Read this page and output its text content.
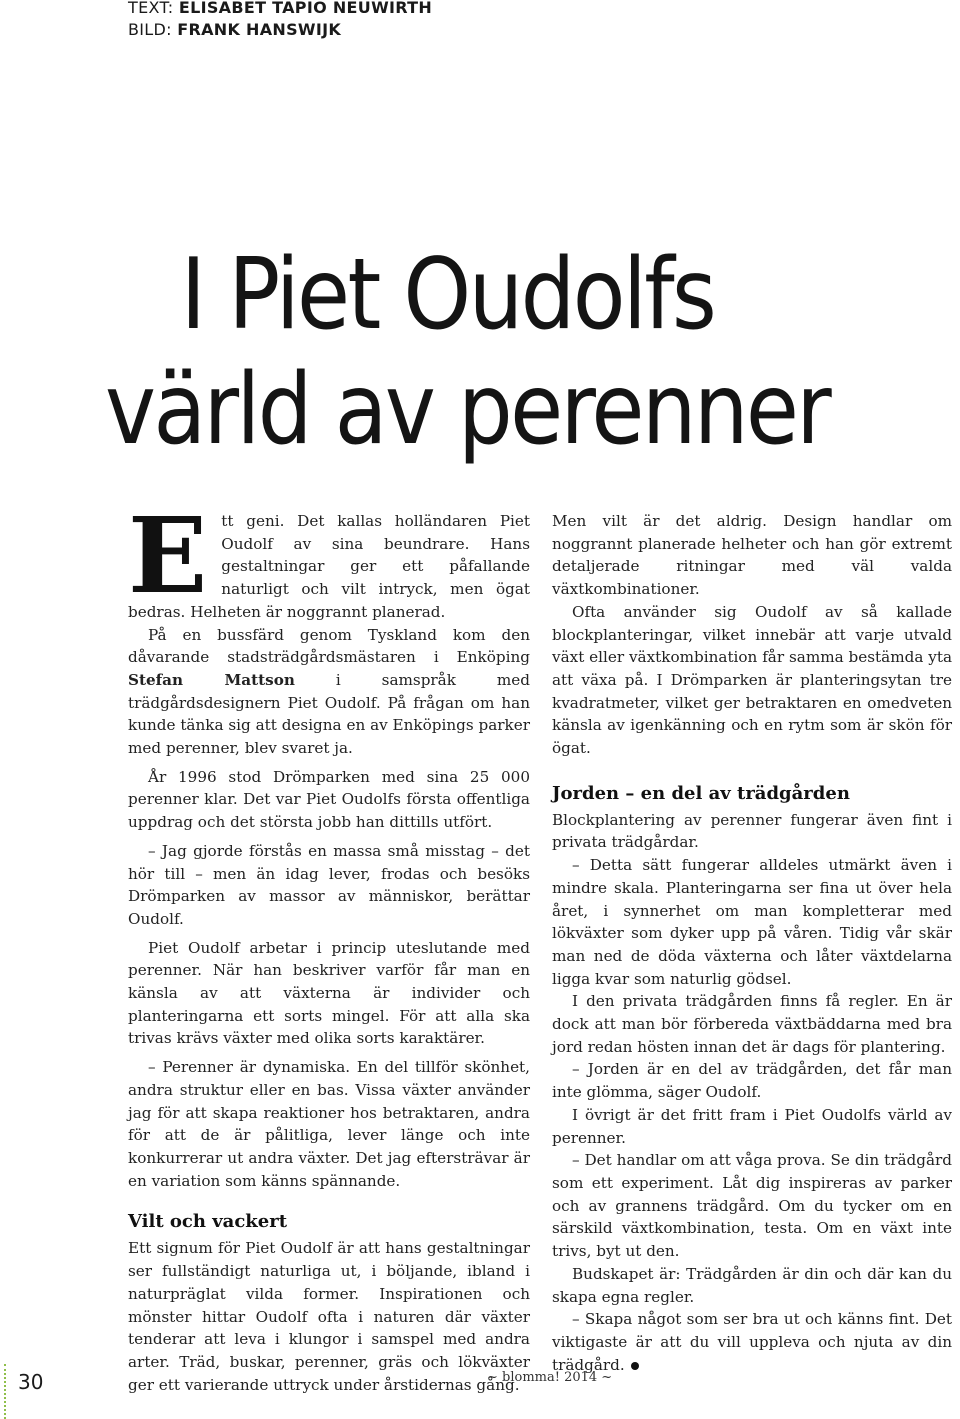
TEXT: ELISABET TAPIO NEUWIRTH
BILD: FRANK HANSWIJK
I Piet Oudolfs
värld av perenner

Ett geni. Det kallas holländaren Piet Oudolf av sina beundrare. Hans gestaltningar ger ett påfallande naturligt och vilt intryck, men ögat bedras. Helheten är noggrannt planerad.

På en bussfärd genom Tyskland kom den dåvarande stadsträdgårdsmästaren i Enköping Stefan Mattson i samspråk med trädgårdsdesignern Piet Oudolf. På frågan om han kunde tänka sig att designa en av Enköpings parker med perenner, blev svaret ja.

År 1996 stod Drömparken med sina 25 000 perenner klar. Det var Piet Oudolfs första offentliga uppdrag och det största jobb han dittills utfört.

– Jag gjorde förstås en massa små misstag – det hör till – men än idag lever, frodas och besöks Drömparken av massor av människor, berättar Oudolf.

Piet Oudolf arbetar i princip uteslutande med perenner. När han beskriver varför får man en känsla av att växterna är individer och planteringarna ett sorts mingel. För att alla ska trivas krävs växter med olika sorts karaktärer.

– Perenner är dynamiska. En del tillför skönhet, andra struktur eller en bas. Vissa växter använder jag för att skapa reaktioner hos betraktaren, andra för att de är pålitliga, lever länge och inte konkurrerar ut andra växter. Det jag eftersträvar är en variation som känns spännande.

Vilt och vackert

Ett signum för Piet Oudolf är att hans gestaltningar ser fullständigt naturliga ut, i böljande, ibland i naturpräglat vilda former. Inspirationen och mönster hittar Oudolf ofta i naturen där växter tenderar att leva i klungor i samspel med andra arter. Träd, buskar, perenner, gräs och lökväxter ger ett varierande uttryck under årstidernas gång.

Men vilt är det aldrig. Design handlar om noggrannt planerade helheter och han gör extremt detaljerade ritningar med väl valda växtkombinationer.

Ofta använder sig Oudolf av så kallade blockplanteringar, vilket innebär att varje utvald växt eller växtkombination får samma bestämda yta att växa på. I Drömparken är planteringsytan tre kvadratmeter, vilket ger betraktaren en omedveten känsla av igenkänning och en rytm som är skön för ögat.

Jorden – en del av trädgården

Blockplantering av perenner fungerar även fint i privata trädgårdar.

– Detta sätt fungerar alldeles utmärkt även i mindre skala. Planteringarna ser fina ut över hela året, i synnerhet om man kompletterar med lökväxter som dyker upp på våren. Tidig vår skär man ned de döda växterna och låter växtdelarna ligga kvar som naturlig gödsel.

I den privata trädgården finns få regler. En är dock att man bör förbereda växtbäddarna med bra jord redan hösten innan det är dags för plantering.

– Jorden är en del av trädgården, det får man inte glömma, säger Oudolf.

I övrigt är det fritt fram i Piet Oudolfs värld av perenner.

– Det handlar om att våga prova. Se din trädgård som ett experiment. Låt dig inspireras av parker och av grannens trädgård. Om du tycker om en särskild växtkombination, testa. Om en växt inte trivs, byt ut den.

Budskapet är: Trädgården är din och där kan du skapa egna regler.

– Skapa något som ser bra ut och känns fint. Det viktigaste är att du vill uppleva och njuta av din trädgård.

30	~ blomma! 2014 ~
